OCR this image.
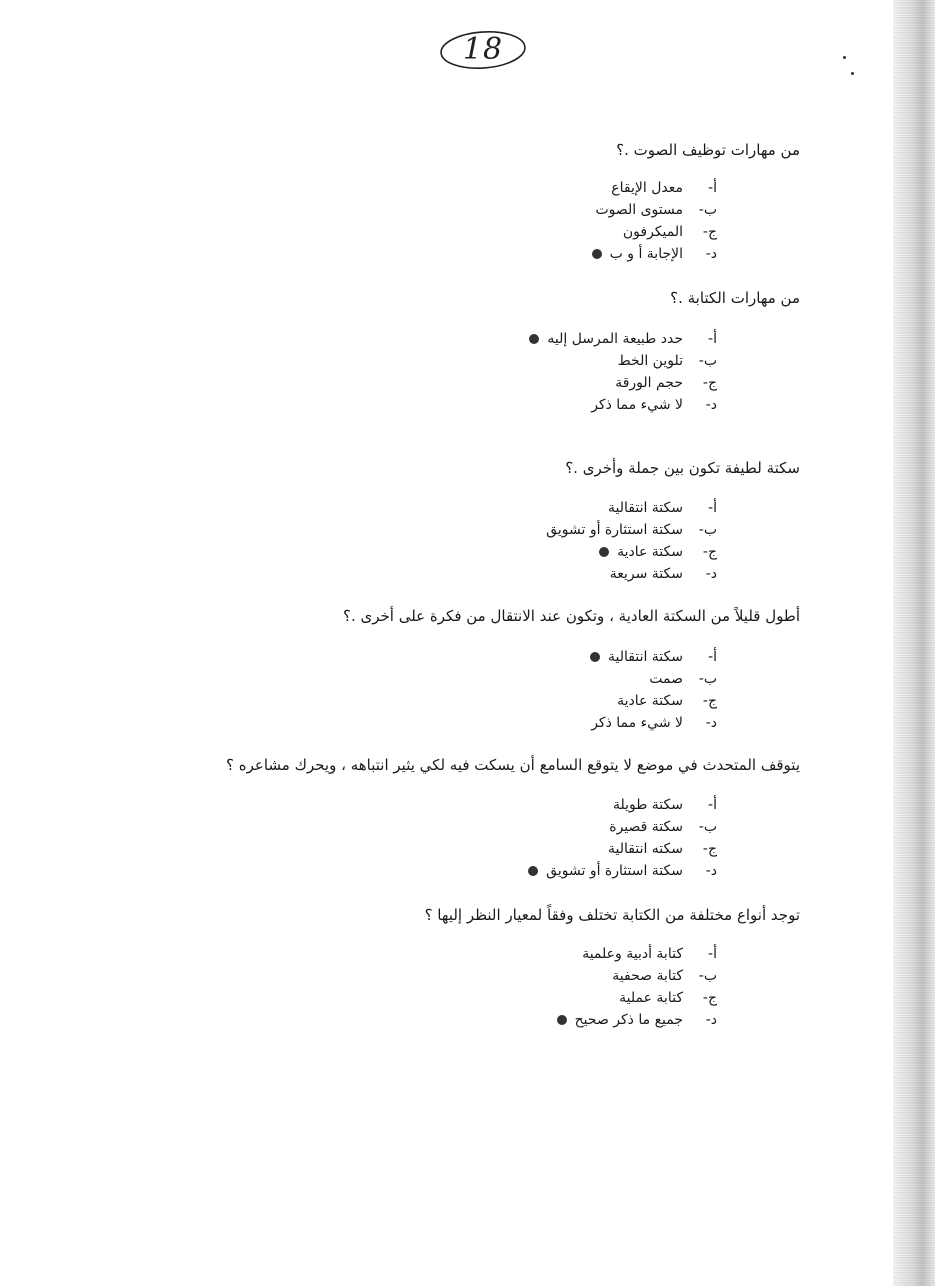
18
من مهارات توظيف الصوت .؟
أ-معدل الإيقاع
ب-مستوى الصوت
ج-الميكرفون
د-الإجابة أ و ب
من مهارات الكتابة .؟
أ-حدد طبيعة المرسل إليه
ب-تلوين الخط
ج-حجم الورقة
د-لا شيء مما ذكر
سكتة لطيفة تكون بين جملة وأخرى .؟
أ-سكتة انتقالية
ب-سكتة استثارة أو تشويق
ج-سكتة عادية
د-سكتة سريعة
أطول قليلاً من السكتة العادية ، وتكون عند الانتقال من فكرة على أخرى .؟
أ-سكتة انتقالية
ب-صمت
ج-سكتة عادية
د-لا شيء مما ذكر
يتوقف المتحدث في موضع لا يتوقع السامع أن يسكت فيه لكي يثير انتباهه ، ويحرك مشاعره ؟
أ-سكتة طويلة
ب-سكتة قصيرة
ج-سكته انتقالية
د-سكتة استثارة أو تشويق
توجد أنواع مختلفة من الكتابة تختلف وفقاً لمعيار النظر إليها ؟
أ-كتابة أدبية وعلمية
ب-كتابة صحفية
ج-كتابة عملية
د-جميع ما ذكر صحيح
